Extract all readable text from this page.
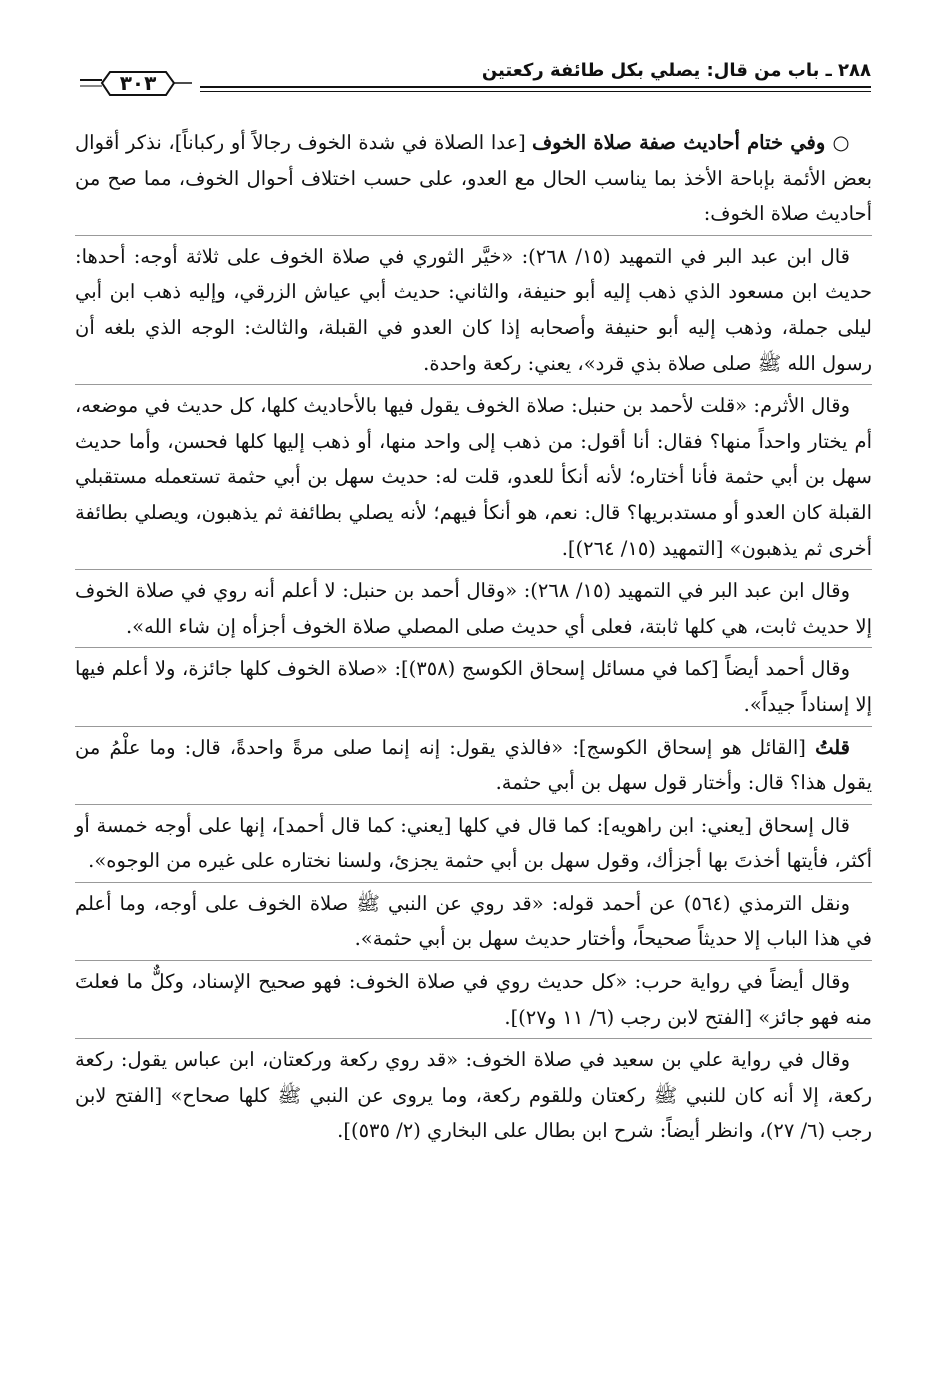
٢٨٨ ـ باب من قال: يصلي بكل طائفة ركعتين
٣٠٣

○ وفي ختام أحاديث صفة صلاة الخوف [عدا الصلاة في شدة الخوف رجالاً أو ركباناً]، نذكر أقوال بعض الأئمة بإباحة الأخذ بما يناسب الحال مع العدو، على حسب اختلاف أحوال الخوف، مما صح من أحاديث صلاة الخوف:

قال ابن عبد البر في التمهيد (١٥/ ٢٦٨): «خيَّر الثوري في صلاة الخوف على ثلاثة أوجه: أحدها: حديث ابن مسعود الذي ذهب إليه أبو حنيفة، والثاني: حديث أبي عياش الزرقي، وإليه ذهب ابن أبي ليلى جملة، وذهب إليه أبو حنيفة وأصحابه إذا كان العدو في القبلة، والثالث: الوجه الذي بلغه أن رسول الله ﷺ صلى صلاة بذي قرد»، يعني: ركعة واحدة.

وقال الأثرم: «قلت لأحمد بن حنبل: صلاة الخوف يقول فيها بالأحاديث كلها، كل حديث في موضعه، أم يختار واحداً منها؟ فقال: أنا أقول: من ذهب إلى واحد منها، أو ذهب إليها كلها فحسن، وأما حديث سهل بن أبي حثمة فأنا أختاره؛ لأنه أنكأ للعدو، قلت له: حديث سهل بن أبي حثمة تستعمله مستقبلي القبلة كان العدو أو مستدبريها؟ قال: نعم، هو أنكأ فيهم؛ لأنه يصلي بطائفة ثم يذهبون، ويصلي بطائفة أخرى ثم يذهبون» [التمهيد (١٥/ ٢٦٤)].

وقال ابن عبد البر في التمهيد (١٥/ ٢٦٨): «وقال أحمد بن حنبل: لا أعلم أنه روي في صلاة الخوف إلا حديث ثابت، هي كلها ثابتة، فعلى أي حديث صلى المصلي صلاة الخوف أجزأه إن شاء الله».

وقال أحمد أيضاً [كما في مسائل إسحاق الكوسج (٣٥٨)]: «صلاة الخوف كلها جائزة، ولا أعلم فيها إلا إسناداً جيداً».

قلتُ [القائل هو إسحاق الكوسج]: «فالذي يقول: إنه إنما صلى مرةً واحدةً، قال: وما علْمُ من يقول هذا؟ قال: وأختار قول سهل بن أبي حثمة.

قال إسحاق [يعني: ابن راهويه]: كما قال في كلها [يعني: كما قال أحمد]، إنها على أوجه خمسة أو أكثر، فأيتها أخذتَ بها أجزأك، وقول سهل بن أبي حثمة يجزئ، ولسنا نختاره على غيره من الوجوه».

ونقل الترمذي (٥٦٤) عن أحمد قوله: «قد روي عن النبي ﷺ صلاة الخوف على أوجه، وما أعلم في هذا الباب إلا حديثاً صحيحاً، وأختار حديث سهل بن أبي حثمة».

وقال أيضاً في رواية حرب: «كل حديث روي في صلاة الخوف: فهو صحيح الإسناد، وكلٌّ ما فعلتَ منه فهو جائز» [الفتح لابن رجب (٦/ ١١ و٢٧)].

وقال في رواية علي بن سعيد في صلاة الخوف: «قد روي ركعة وركعتان، ابن عباس يقول: ركعة ركعة، إلا أنه كان للنبي ﷺ ركعتان وللقوم ركعة، وما يروى عن النبي ﷺ كلها صحاح» [الفتح لابن رجب (٦/ ٢٧)، وانظر أيضاً: شرح ابن بطال على البخاري (٢/ ٥٣٥)].
